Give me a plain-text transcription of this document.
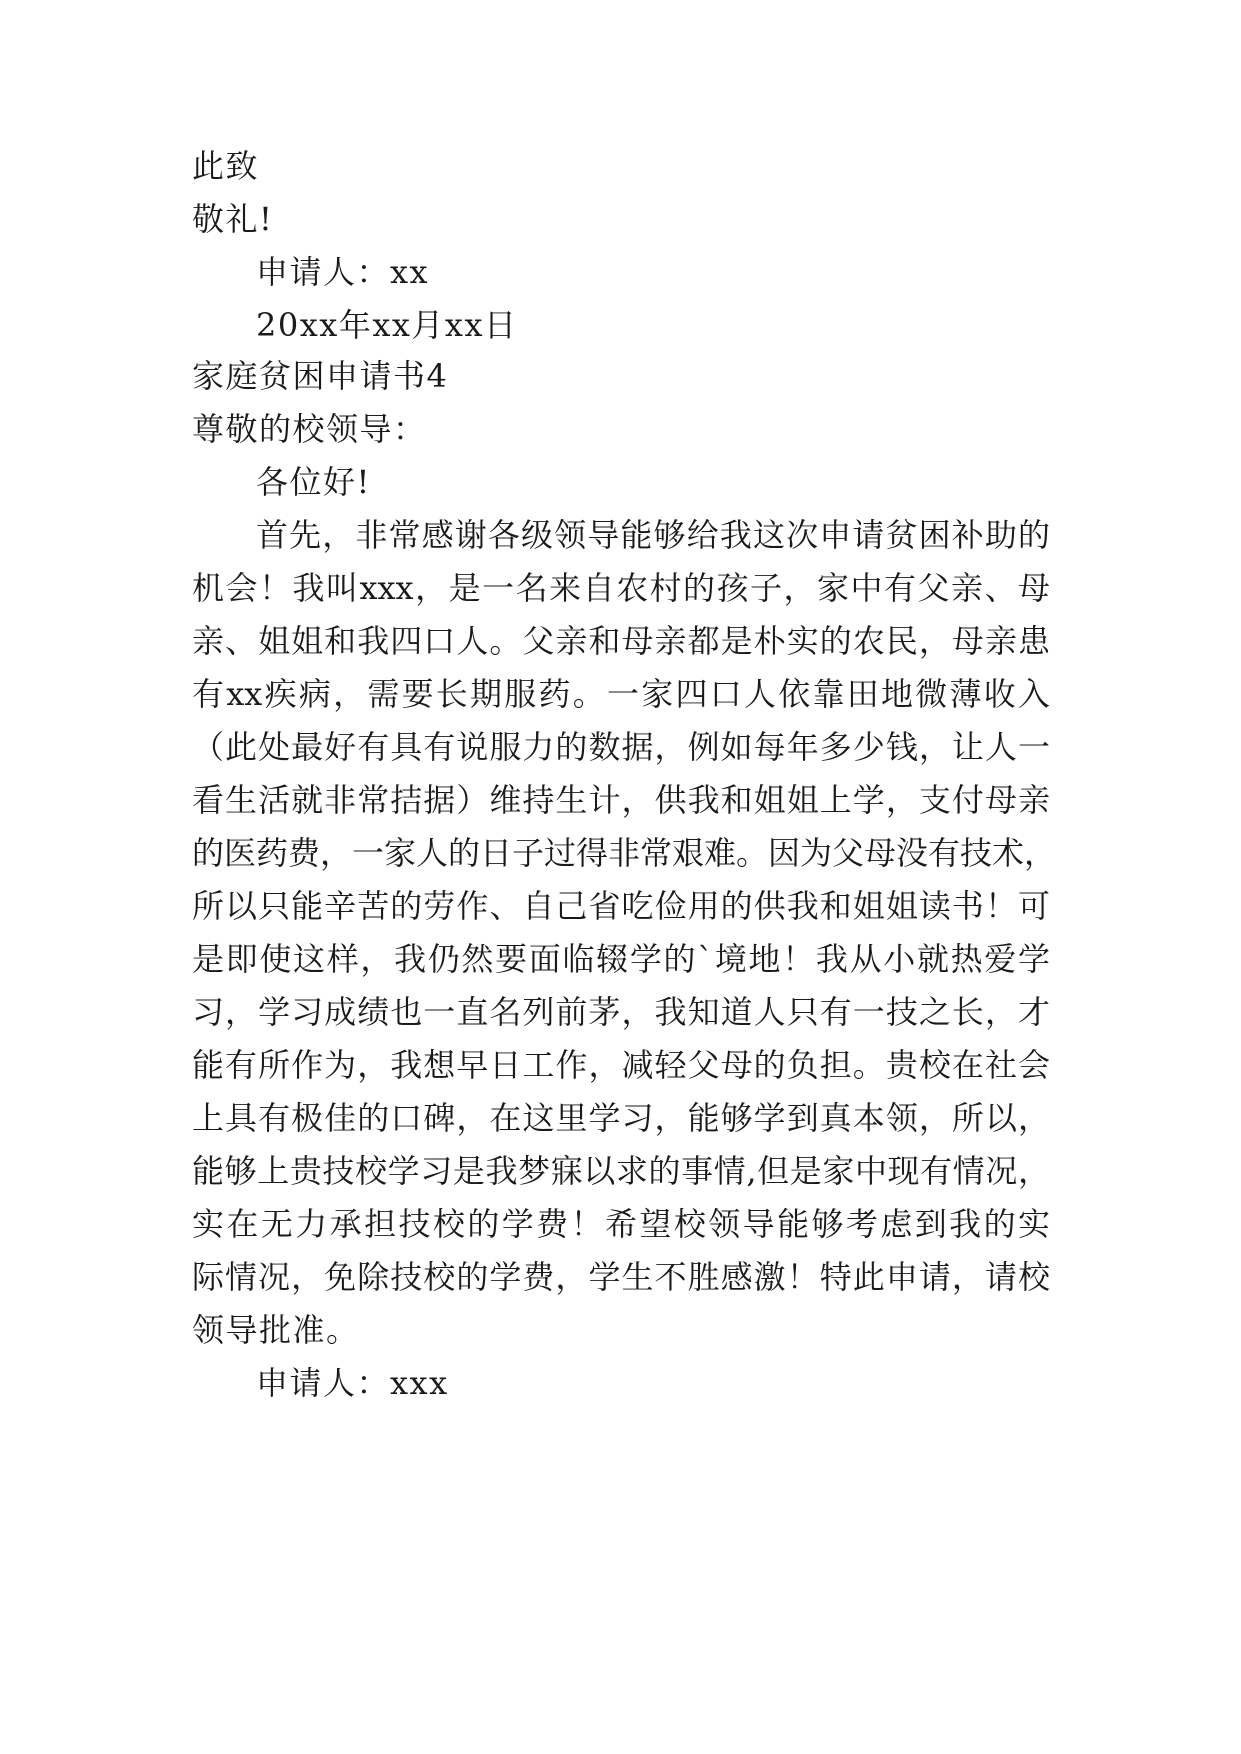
此致
敬礼!
申请人：xx
20xx年xx月xx日
家庭贫困申请书4
尊敬的校领导：
各位好!
首先，非常感谢各级领导能够给我这次申请贫困补助的
机会！我叫xxx，是一名来自农村的孩子，家中有父亲、母
亲、姐姐和我四口人。父亲和母亲都是朴实的农民，母亲患
有xx疾病，需要长期服药。一家四口人依靠田地微薄收入
（此处最好有具有说服力的数据，例如每年多少钱，让人一
看生活就非常拮据）维持生计，供我和姐姐上学，支付母亲
的医药费，一家人的日子过得非常艰难。因为父母没有技术，
所以只能辛苦的劳作、自己省吃俭用的供我和姐姐读书！可
是即使这样，我仍然要面临辍学的`境地！我从小就热爱学
习，学习成绩也一直名列前茅，我知道人只有一技之长，才
能有所作为，我想早日工作，减轻父母的负担。贵校在社会
上具有极佳的口碑，在这里学习，能够学到真本领，所以，
能够上贵技校学习是我梦寐以求的事情,但是家中现有情况，
实在无力承担技校的学费！希望校领导能够考虑到我的实
际情况，免除技校的学费，学生不胜感激！特此申请，请校
领导批准。
申请人：xxx
